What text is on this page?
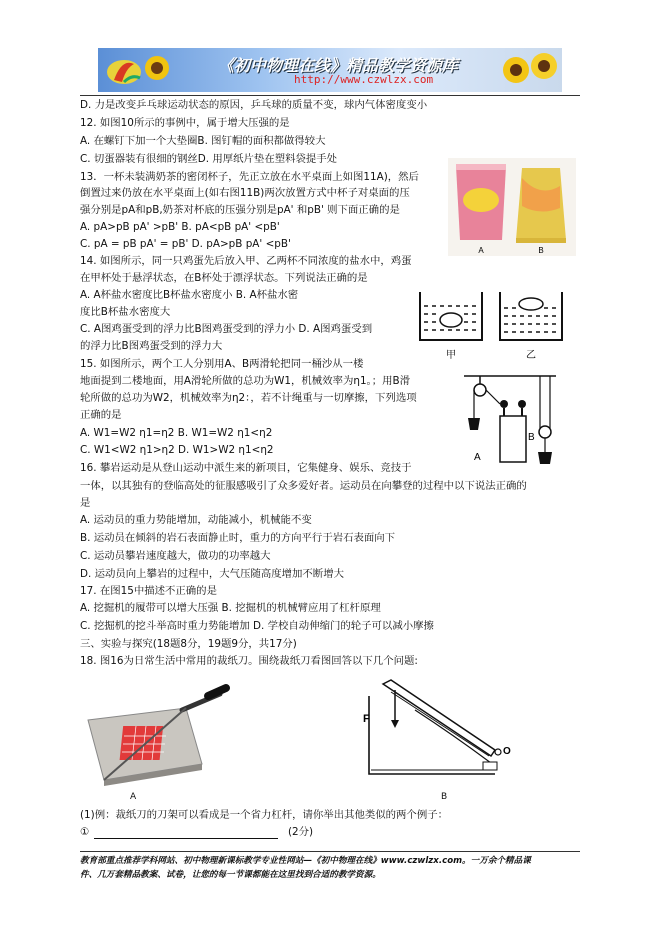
《初中物理在线》精品教学资源库
http://www.czwlzx.com
D. 力是改变乒乓球运动状态的原因，乒乓球的质量不变，球内气体密度变小
12. 如图10所示的事例中，属于增大压强的是
A. 在螺钉下加一个大垫圈B. 图钉帽的面积都做得较大
C. 切蛋器装有很细的钢丝D. 用厚纸片垫在塑料袋提手处
13．一杯未装满奶茶的密闭杯子，先正立放在水平桌面上如图11A)，然后
倒置过来仍放在水平桌面上(如右图11B)两次放置方式中杯子对桌面的压
强分别是pA和pB,奶茶对杯底的压强分别是pA' 和pB' 则下面正确的是
A. pA>pB pA' >pB' B. pA<pB pA' <pB'
C. pA = pB pA' = pB' D. pA>pB pA' <pB'
14. 如图所示，同一只鸡蛋先后放入甲、乙两杯不同浓度的盐水中，鸡蛋
在甲杯处于悬浮状态，在B杯处于漂浮状态。下列说法正确的是
A. A杯盐水密度比B杯盐水密度小 B. A杯盐水密
度比B杯盐水密度大
C. A图鸡蛋受到的浮力比B图鸡蛋受到的浮力小 D. A图鸡蛋受到
的浮力比B图鸡蛋受到的浮力大
15. 如图所示，两个工人分别用A、B两滑轮把同一桶沙从一楼
地面提到二楼地面，用A滑轮所做的总功为W1，机械效率为η1。；用B滑
轮所做的总功为W2，机械效率为η2：，若不计绳重与一切摩擦，下列选项
正确的是
A. W1=W2 η1=η2 B. W1=W2 η1<η2
C. W1<W2 η1>η2 D. W1>W2 η1<η2
16. 攀岩运动是从登山运动中派生来的新项目，它集健身、娱乐、竞技于
一体，以其独有的登临高处的征服感吸引了众多爱好者。运动员在向攀登的过程中以下说法正确的
是
A. 运动员的重力势能增加，动能减小，机械能不变
B. 运动员在倾斜的岩石表面静止时，重力的方向平行于岩石表面向下
C. 运动员攀岩速度越大，做功的功率越大
D. 运动员向上攀岩的过程中，大气压随高度增加不断增大
17. 在图15中描述不正确的是
A. 挖掘机的履带可以增大压强 B. 挖掘机的机械臂应用了杠杆原理
C. 挖掘机的挖斗举高时重力势能增加 D. 学校自动伸缩门的轮子可以减小摩擦
三、实验与探究(18题8分，19题9分，共17分)
18. 图16为日常生活中常用的裁纸刀。围绕裁纸刀看图回答以下几个问题:
A	B
甲	乙
A
B
A
F
O
B
(1)例：裁纸刀的刀架可以看成是一个省力杠杆，请你举出其他类似的两个例子：
①	(2分)
教育部重点推荐学科网站、初中物理新课标教学专业性网站—《初中物理在线》www.czwlzx.com。一万余个精品课
件、几万套精品教案、试卷，让您的每一节课都能在这里找到合适的教学资源。
